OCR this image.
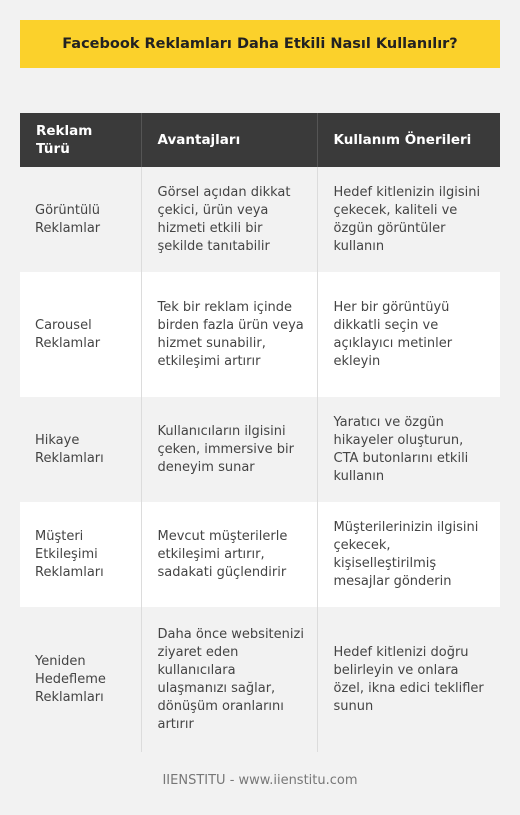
Facebook Reklamları Daha Etkili Nasıl Kullanılır?
Reklam Türü	Avantajları	Kullanım Önerileri
Görüntülü Reklamlar	Görsel açıdan dikkat çekici, ürün veya hizmeti etkili bir şekilde tanıtabilir	Hedef kitlenizin ilgisini çekecek, kaliteli ve özgün görüntüler kullanın
Carousel Reklamlar	Tek bir reklam içinde birden fazla ürün veya hizmet sunabilir, etkileşimi artırır	Her bir görüntüyü dikkatli seçin ve açıklayıcı metinler ekleyin
Hikaye Reklamları	Kullanıcıların ilgisini çeken, immersive bir deneyim sunar	Yaratıcı ve özgün hikayeler oluşturun, CTA butonlarını etkili kullanın
Müşteri Etkileşimi Reklamları	Mevcut müşterilerle etkileşimi artırır, sadakati güçlendirir	Müşterilerinizin ilgisini çekecek, kişiselleştirilmiş mesajlar gönderin
Yeniden Hedefleme Reklamları	Daha önce websitenizi ziyaret eden kullanıcılara ulaşmanızı sağlar, dönüşüm oranlarını artırır	Hedef kitlenizi doğru belirleyin ve onlara özel, ikna edici teklifler sunun
IIENSTITU - www.iienstitu.com
